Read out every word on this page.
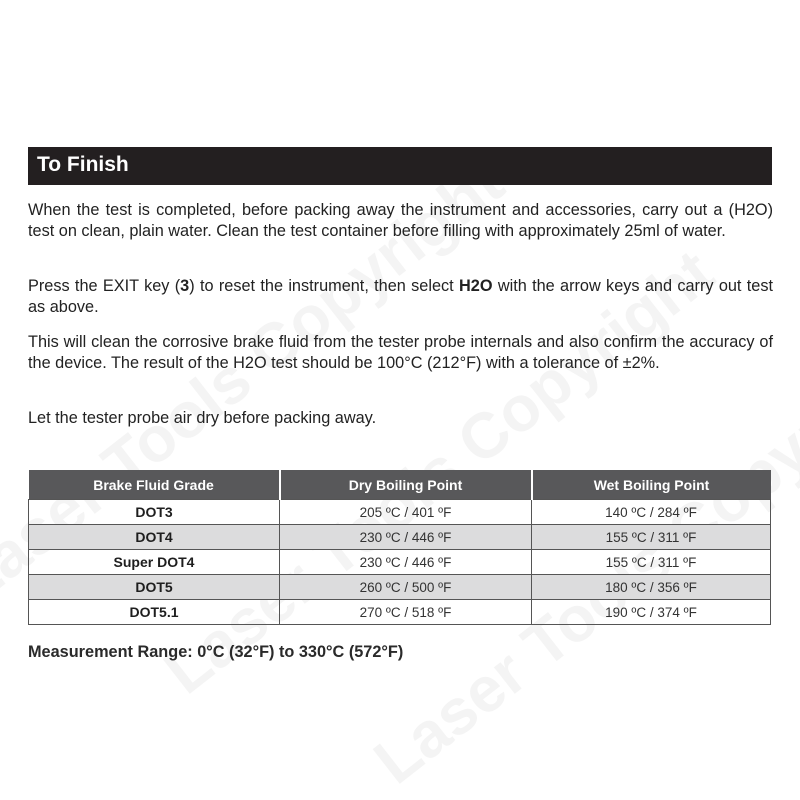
To Finish

When the test is completed, before packing away the instrument and accessories, carry out a (H2O) test on clean, plain water. Clean the test container before filling with approximately 25ml of water.

Press the EXIT key (3) to reset the instrument, then select H2O with the arrow keys and carry out test as above.

This will clean the corrosive brake fluid from the tester probe internals and also confirm the accuracy of the device. The result of the H2O test should be 100°C (212°F) with a tolerance of ±2%.

Let the tester probe air dry before packing away.

Brake Fluid Grade	Dry Boiling Point	Wet Boiling Point
DOT3	205 ºC / 401 ºF	140 ºC / 284 ºF
DOT4	230 ºC / 446 ºF	155 ºC / 311 ºF
Super DOT4	230 ºC / 446 ºF	155 ºC / 311 ºF
DOT5	260 ºC / 500 ºF	180 ºC / 356 ºF
DOT5.1	270 ºC / 518 ºF	190 ºC / 374 ºF
Measurement Range: 0°C (32°F) to 330°C (572°F)
